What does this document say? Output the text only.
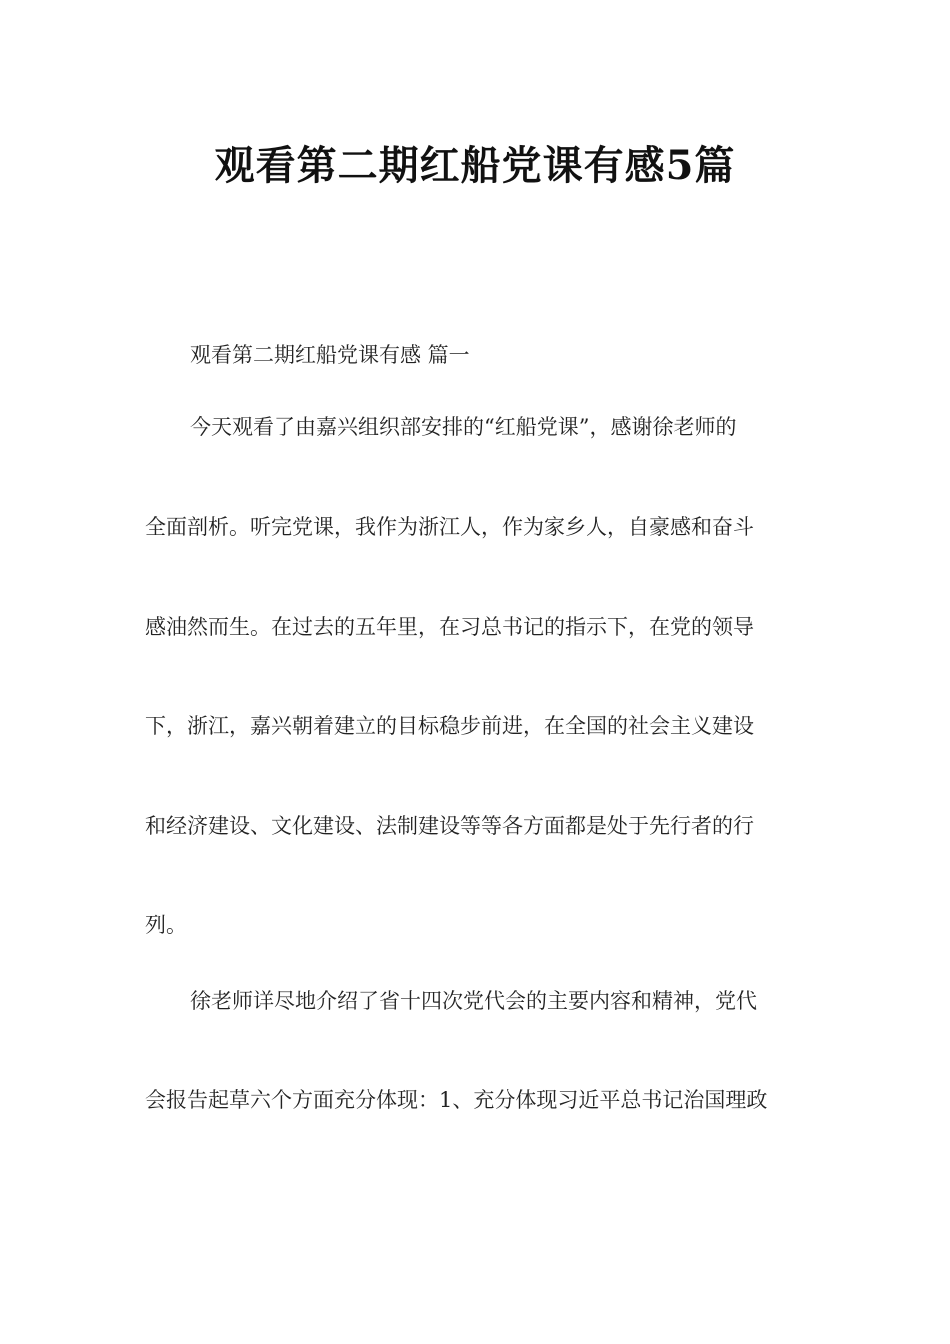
观看第二期红船党课有感5篇

观看第二期红船党课有感 篇一

今天观看了由嘉兴组织部安排的“红船党课”，感谢徐老师的

全面剖析。听完党课，我作为浙江人，作为家乡人，自豪感和奋斗

感油然而生。在过去的五年里，在习总书记的指示下，在党的领导

下，浙江，嘉兴朝着建立的目标稳步前进，在全国的社会主义建设

和经济建设、文化建设、法制建设等等各方面都是处于先行者的行

列。

徐老师详尽地介绍了省十四次党代会的主要内容和精神，党代

会报告起草六个方面充分体现：1、充分体现习近平总书记治国理政
